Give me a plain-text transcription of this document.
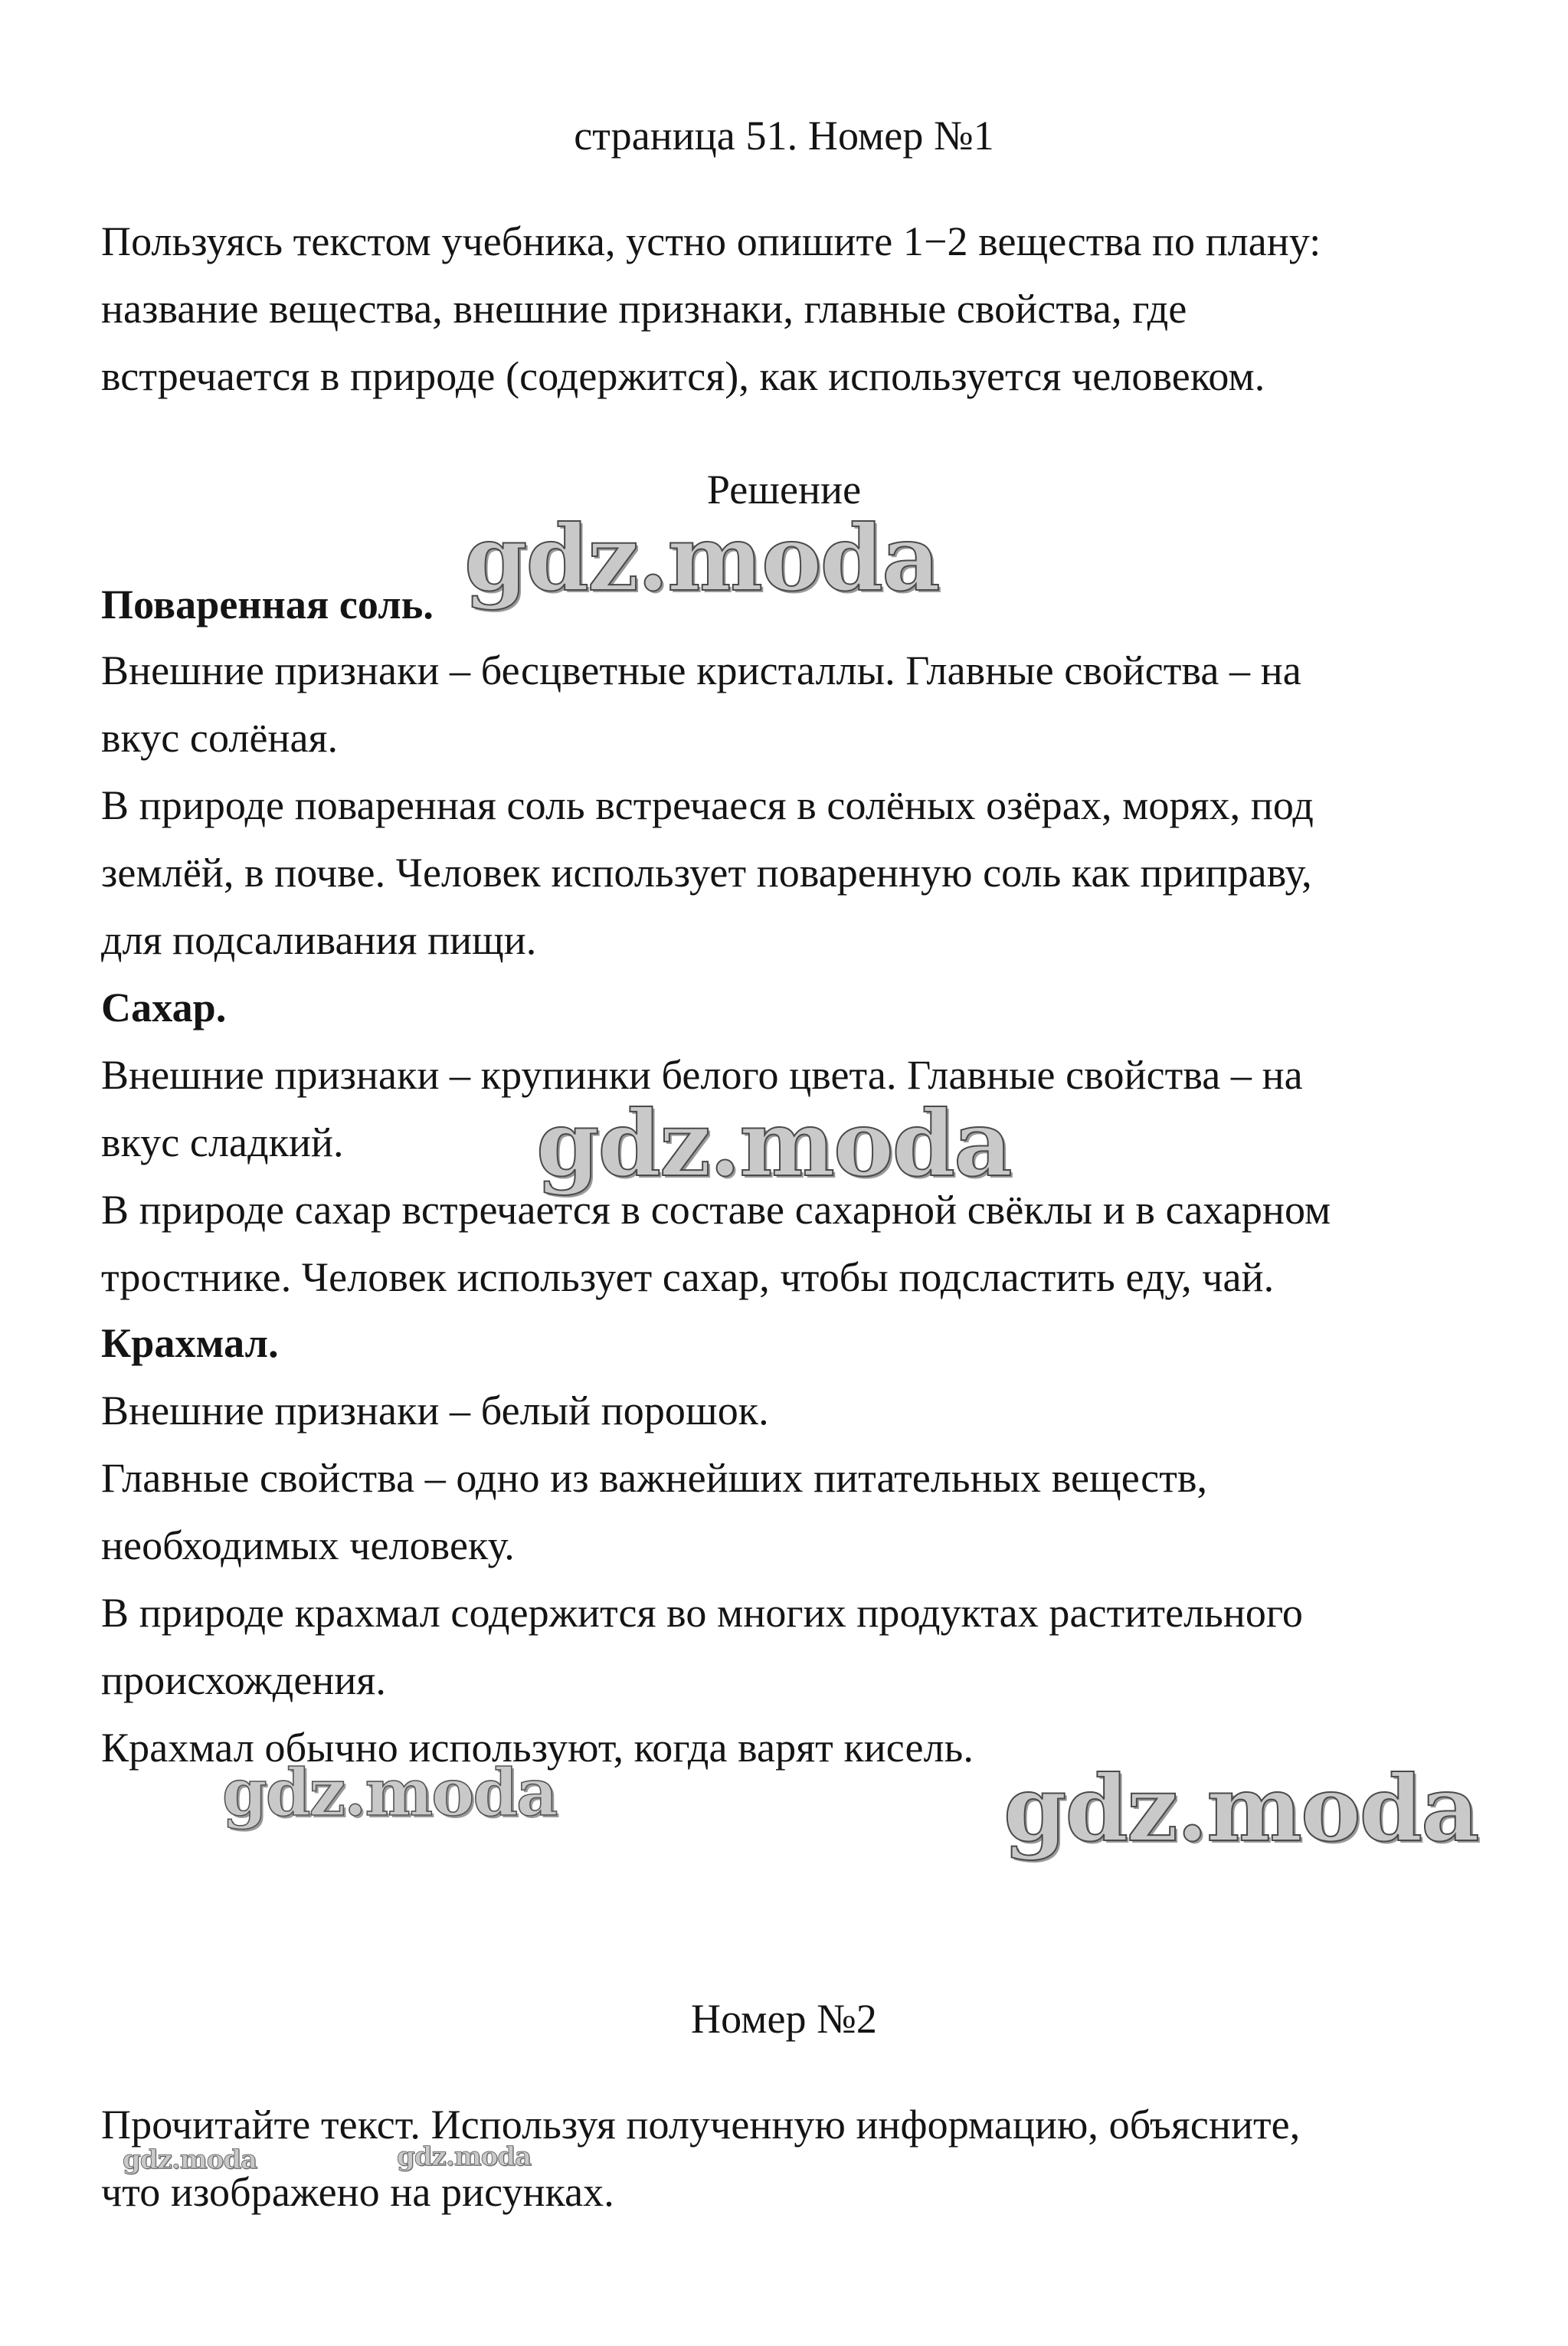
страница 51. Номер №1
Пользуясь текстом учебника, устно опишите 1−2 вещества по плану:
название вещества, внешние признаки, главные свойства, где
встречается в природе (содержится), как используется человеком.
Решение
Поваренная соль.
Внешние признаки – бесцветные кристаллы. Главные свойства – на
вкус солёная.
В природе поваренная соль встречаеся в солёных озёрах, морях, под
землёй, в почве. Человек использует поваренную соль как приправу,
для подсаливания пищи.
Сахар.
Внешние признаки – крупинки белого цвета. Главные свойства – на
вкус сладкий.
В природе сахар встречается в составе сахарной свёклы и в сахарном
тростнике. Человек использует сахар, чтобы подсластить еду, чай.
Крахмал.
Внешние признаки – белый порошок.
Главные свойства – одно из важнейших питательных веществ,
необходимых человеку.
В природе крахмал содержится во многих продуктах растительного
происхождения.
Крахмал обычно используют, когда варят кисель.
Номер №2
Прочитайте текст. Используя полученную информацию, объясните,
что изображено на рисунках.
gdz.moda
gdz.moda
gdz.moda	gdz.moda
gdz.moda	gdz.moda
